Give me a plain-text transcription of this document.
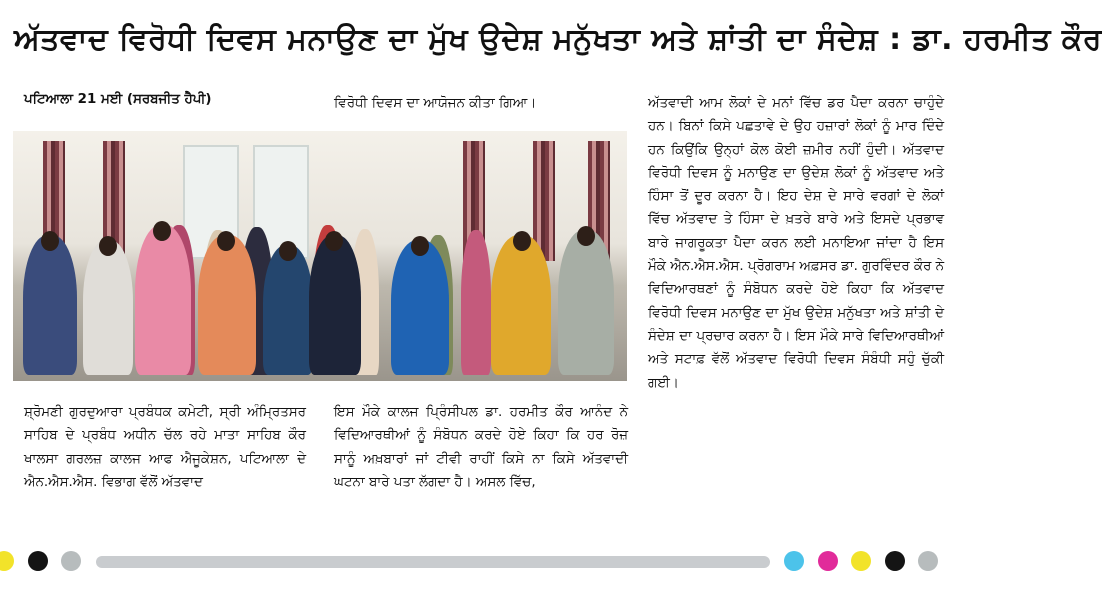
ਅੱਤਵਾਦ ਵਿਰੋਧੀ ਦਿਵਸ ਮਨਾਉਣ ਦਾ ਮੁੱਖ ਉਦੇਸ਼ ਮਨੁੱਖਤਾ ਅਤੇ ਸ਼ਾਂਤੀ ਦਾ ਸੰਦੇਸ਼ : ਡਾ. ਹਰਮੀਤ ਕੌਰ
ਪਟਿਆਲਾ 21 ਮਈ (ਸਰਬਜੀਤ ਹੈਪੀ)

ਸ਼੍ਰੋਮਣੀ ਗੁਰਦੁਆਰਾ ਪ੍ਰਬੰਧਕ ਕਮੇਟੀ, ਸ੍ਰੀ ਅੰਮ੍ਰਿਤਸਰ ਸਾਹਿਬ ਦੇ ਪ੍ਰਬੰਧ ਅਧੀਨ ਚੱਲ ਰਹੇ ਮਾਤਾ ਸਾਹਿਬ ਕੌਰ ਖਾਲਸਾ ਗਰਲਜ਼ ਕਾਲਜ ਆਫ ਐਜੂਕੇਸ਼ਨ, ਪਟਿਆਲਾ ਦੇ ਐਨ.ਐਸ.ਐਸ. ਵਿਭਾਗ ਵੱਲੋਂ ਅੱਤਵਾਦ

ਵਿਰੋਧੀ ਦਿਵਸ ਦਾ ਆਯੋਜਨ ਕੀਤਾ ਗਿਆ।

ਇਸ ਮੌਕੇ ਕਾਲਜ ਪ੍ਰਿੰਸੀਪਲ ਡਾ. ਹਰਮੀਤ ਕੌਰ ਆਨੰਦ ਨੇ ਵਿਦਿਆਰਥੀਆਂ ਨੂੰ ਸੰਬੋਧਨ ਕਰਦੇ ਹੋਏ ਕਿਹਾ ਕਿ ਹਰ ਰੋਜ਼ ਸਾਨੂੰ ਅਖ਼ਬਾਰਾਂ ਜਾਂ ਟੀਵੀ ਰਾਹੀਂ ਕਿਸੇ ਨਾ ਕਿਸੇ ਅੱਤਵਾਦੀ ਘਟਨਾ ਬਾਰੇ ਪਤਾ ਲੱਗਦਾ ਹੈ। ਅਸਲ ਵਿੱਚ,

ਅੱਤਵਾਦੀ ਆਮ ਲੋਕਾਂ ਦੇ ਮਨਾਂ ਵਿੱਚ ਡਰ ਪੈਦਾ ਕਰਨਾ ਚਾਹੁੰਦੇ ਹਨ। ਬਿਨਾਂ ਕਿਸੇ ਪਛਤਾਵੇ ਦੇ ਉਹ ਹਜ਼ਾਰਾਂ ਲੋਕਾਂ ਨੂੰ ਮਾਰ ਦਿੰਦੇ ਹਨ ਕਿਉਂਕਿ ਉਨ੍ਹਾਂ ਕੋਲ ਕੋਈ ਜ਼ਮੀਰ ਨਹੀਂ ਹੁੰਦੀ। ਅੱਤਵਾਦ ਵਿਰੋਧੀ ਦਿਵਸ ਨੂੰ ਮਨਾਉਣ ਦਾ ਉਦੇਸ਼ ਲੋਕਾਂ ਨੂੰ ਅੱਤਵਾਦ ਅਤੇ ਹਿੰਸਾ ਤੋਂ ਦੂਰ ਕਰਨਾ ਹੈ। ਇਹ ਦੇਸ਼ ਦੇ ਸਾਰੇ ਵਰਗਾਂ ਦੇ ਲੋਕਾਂ ਵਿੱਚ ਅੱਤਵਾਦ ਤੇ ਹਿੰਸਾ ਦੇ ਖ਼ਤਰੇ ਬਾਰੇ ਅਤੇ ਇਸਦੇ ਪ੍ਰਭਾਵ ਬਾਰੇ ਜਾਗਰੂਕਤਾ ਪੈਦਾ ਕਰਨ ਲਈ ਮਨਾਇਆ ਜਾਂਦਾ ਹੈ ਇਸ ਮੌਕੇ ਐਨ.ਐਸ.ਐਸ. ਪ੍ਰੋਗਰਾਮ ਅਫ਼ਸਰ ਡਾ. ਗੁਰਵਿੰਦਰ ਕੌਰ ਨੇ ਵਿਦਿਆਰਥਣਾਂ ਨੂੰ ਸੰਬੋਧਨ ਕਰਦੇ ਹੋਏ ਕਿਹਾ ਕਿ ਅੱਤਵਾਦ ਵਿਰੋਧੀ ਦਿਵਸ ਮਨਾਉਣ ਦਾ ਮੁੱਖ ਉਦੇਸ਼ ਮਨੁੱਖਤਾ ਅਤੇ ਸ਼ਾਂਤੀ ਦੇ ਸੰਦੇਸ਼ ਦਾ ਪ੍ਰਚਾਰ ਕਰਨਾ ਹੈ। ਇਸ ਮੌਕੇ ਸਾਰੇ ਵਿਦਿਆਰਥੀਆਂ ਅਤੇ ਸਟਾਫ਼ ਵੱਲੋਂ ਅੱਤਵਾਦ ਵਿਰੋਧੀ ਦਿਵਸ ਸੰਬੰਧੀ ਸਹੁੰ ਚੁੱਕੀ ਗਈ।
